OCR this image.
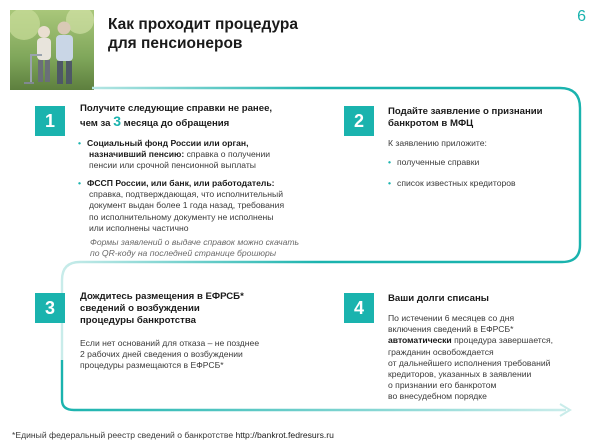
Как проходит процедура
для пенсионеров
6
1	2
3	4
Получите следующие справки не ранее,
чем за 3 месяца до обращения
• Социальный фонд России или орган,
назначивший пенсию: справка о получении
пенсии или срочной пенсионной выплаты
• ФССП России, или банк, или работодатель:
справка, подтверждающая, что исполнительный
документ выдан более 1 года назад, требования
по исполнительному документу не исполнены
или исполнены частично
Формы заявлений о выдаче справок можно скачать
по QR-коду на последней странице брошюры
Подайте заявление о признании
банкротом в МФЦ
К заявлению приложите:
• полученные справки
• список известных кредиторов
Дождитесь размещения в ЕФРСБ*
сведений о возбуждении
процедуры банкротства
Если нет оснований для отказа – не позднее
2 рабочих дней сведения о возбуждении
процедуры размещаются в ЕФРСБ*
Ваши долги списаны
По истечении 6 месяцев со дня
включения сведений в ЕФРСБ*
автоматически процедура завершается,
гражданин освобождается
от дальнейшего исполнения требований
кредиторов, указанных в заявлении
о признании его банкротом
во внесудебном порядке
*Единый федеральный реестр сведений о банкротстве http://bankrot.fedresurs.ru
